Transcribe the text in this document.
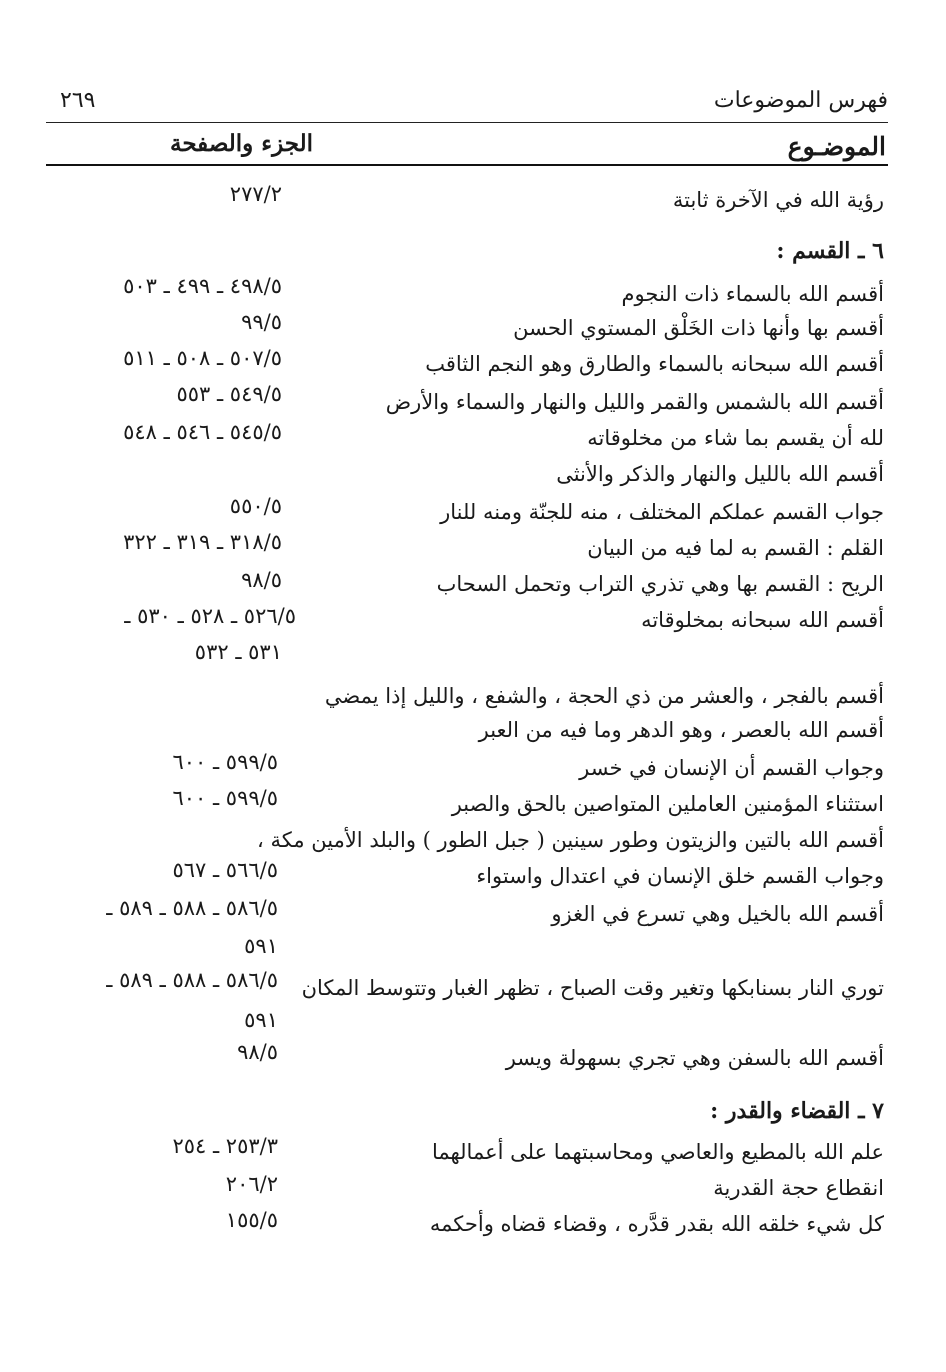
٢٦٩	فهرس الموضوعات
الموضـوع
الجزء والصفحة
رؤية الله في الآخرة ثابتة
٢٧٧/٢
٦ ـ القسم :
أقسم الله بالسماء ذات النجوم
٤٩٨/٥ ـ ٤٩٩ ـ ٥٠٣
أقسم بها وأنها ذات الخَلْق المستوي الحسن
٩٩/٥
أقسم الله سبحانه بالسماء والطارق وهو النجم الثاقب
٥٠٧/٥ ـ ٥٠٨ ـ ٥١١
أقسم الله بالشمس والقمر والليل والنهار والسماء والأرض
٥٤٩/٥ ـ ٥٥٣
لله أن يقسم بما شاء من مخلوقاته
٥٤٥/٥ ـ ٥٤٦ ـ ٥٤٨
أقسم الله بالليل والنهار والذكر والأنثى
جواب القسم عملكم المختلف ، منه للجنّة ومنه للنار
٥٥٠/٥
القلم : القسم به لما فيه من البيان
٣١٨/٥ ـ ٣١٩ ـ ٣٢٢
الريح : القسم بها وهي تذري التراب وتحمل السحاب
٩٨/٥
أقسم الله سبحانه بمخلوقاته
٥٢٦/٥ ـ ٥٢٨ ـ ٥٣٠ ـ
٥٣١ ـ ٥٣٢
أقسم بالفجر ، والعشر من ذي الحجة ، والشفع ، والليل إذا يمضي
أقسم الله بالعصر ، وهو الدهر وما فيه من العبر
وجواب القسم أن الإنسان في خسر
٥٩٩/٥ ـ ٦٠٠
استثناء المؤمنين العاملين المتواصين بالحق والصبر
٥٩٩/٥ ـ ٦٠٠
أقسم الله بالتين والزيتون وطور سينين ( جبل الطور ) والبلد الأمين مكة ،
وجواب القسم خلق الإنسان في اعتدال واستواء
٥٦٦/٥ ـ ٥٦٧
أقسم الله بالخيل وهي تسرع في الغزو
٥٨٦/٥ ـ ٥٨٨ ـ ٥٨٩ ـ
٥٩١
توري النار بسنابكها وتغير وقت الصباح ، تظهر الغبار وتتوسط المكان
٥٨٦/٥ ـ ٥٨٨ ـ ٥٨٩ ـ
٥٩١
أقسم الله بالسفن وهي تجري بسهولة ويسر
٩٨/٥
٧ ـ القضاء والقدر :
علم الله بالمطيع والعاصي ومحاسبتهما على أعمالهما
٢٥٣/٣ ـ ٢٥٤
انقطاع حجة القدرية
٢٠٦/٢
كل شيء خلقه الله بقدر قدَّره ، وقضاء قضاه وأحكمه
١٥٥/٥
